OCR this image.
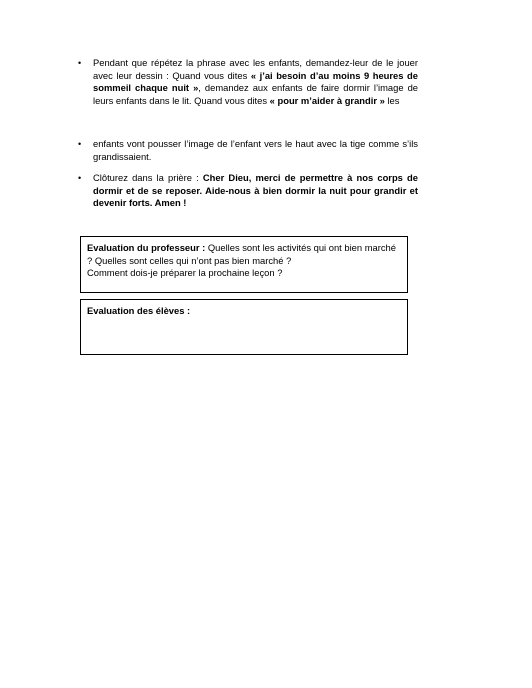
• Pendant que répétez la phrase avec les enfants, demandez-leur de le jouer avec leur dessin : Quand vous dites « j’ai besoin d’au moins 9 heures de sommeil chaque nuit », demandez aux enfants de faire dormir l’image de leurs enfants dans le lit. Quand vous dites « pour m’aider à grandir » les
• enfants vont pousser l’image de l’enfant vers le haut avec la tige comme s’ils grandissaient.
• Clôturez dans la prière : Cher Dieu, merci de permettre à nos corps de dormir et de se reposer. Aide-nous à bien dormir la nuit pour grandir et devenir forts. Amen !
Evaluation du professeur : Quelles sont les activités qui ont bien marché ? Quelles sont celles qui n’ont pas bien marché ?
Comment dois-je préparer la prochaine leçon ?
Evaluation des élèves :
